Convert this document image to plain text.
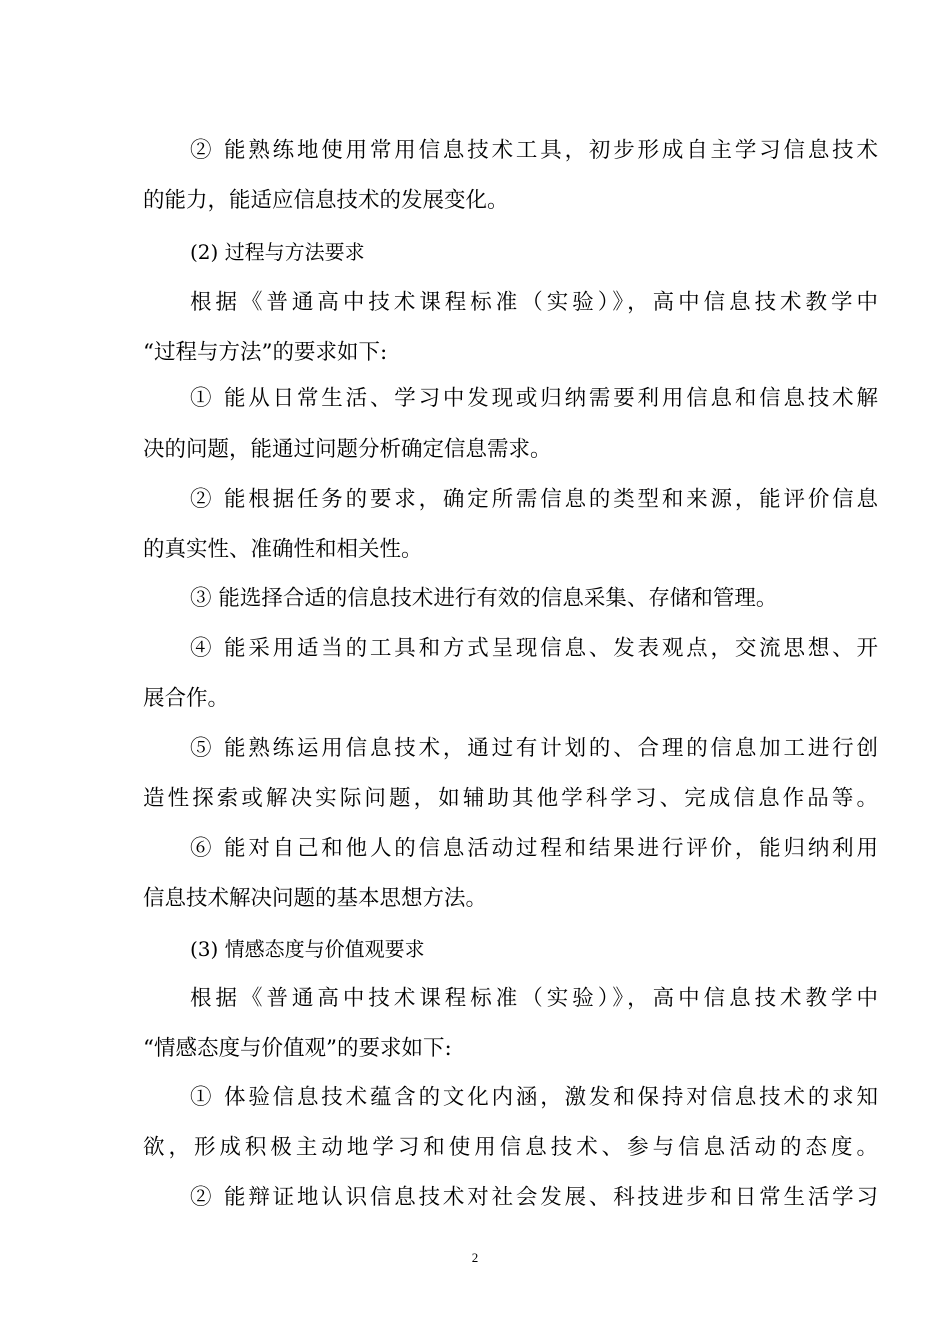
② 能熟练地使用常用信息技术工具，初步形成自主学习信息技术
的能力，能适应信息技术的发展变化。
(2) 过程与方法要求
根据《普通高中技术课程标准（实验）》，高中信息技术教学中
“过程与方法”的要求如下:
① 能从日常生活、学习中发现或归纳需要利用信息和信息技术解
决的问题，能通过问题分析确定信息需求。
② 能根据任务的要求，确定所需信息的类型和来源，能评价信息
的真实性、准确性和相关性。
③ 能选择合适的信息技术进行有效的信息采集、存储和管理。
④ 能采用适当的工具和方式呈现信息、发表观点，交流思想、开
展合作。
⑤ 能熟练运用信息技术，通过有计划的、合理的信息加工进行创
造性探索或解决实际问题，如辅助其他学科学习、完成信息作品等。
⑥ 能对自己和他人的信息活动过程和结果进行评价，能归纳利用
信息技术解决问题的基本思想方法。
(3) 情感态度与价值观要求
根据《普通高中技术课程标准（实验）》，高中信息技术教学中
“情感态度与价值观”的要求如下:
① 体验信息技术蕴含的文化内涵，激发和保持对信息技术的求知
欲，形成积极主动地学习和使用信息技术、参与信息活动的态度。
② 能辩证地认识信息技术对社会发展、科技进步和日常生活学习
2
